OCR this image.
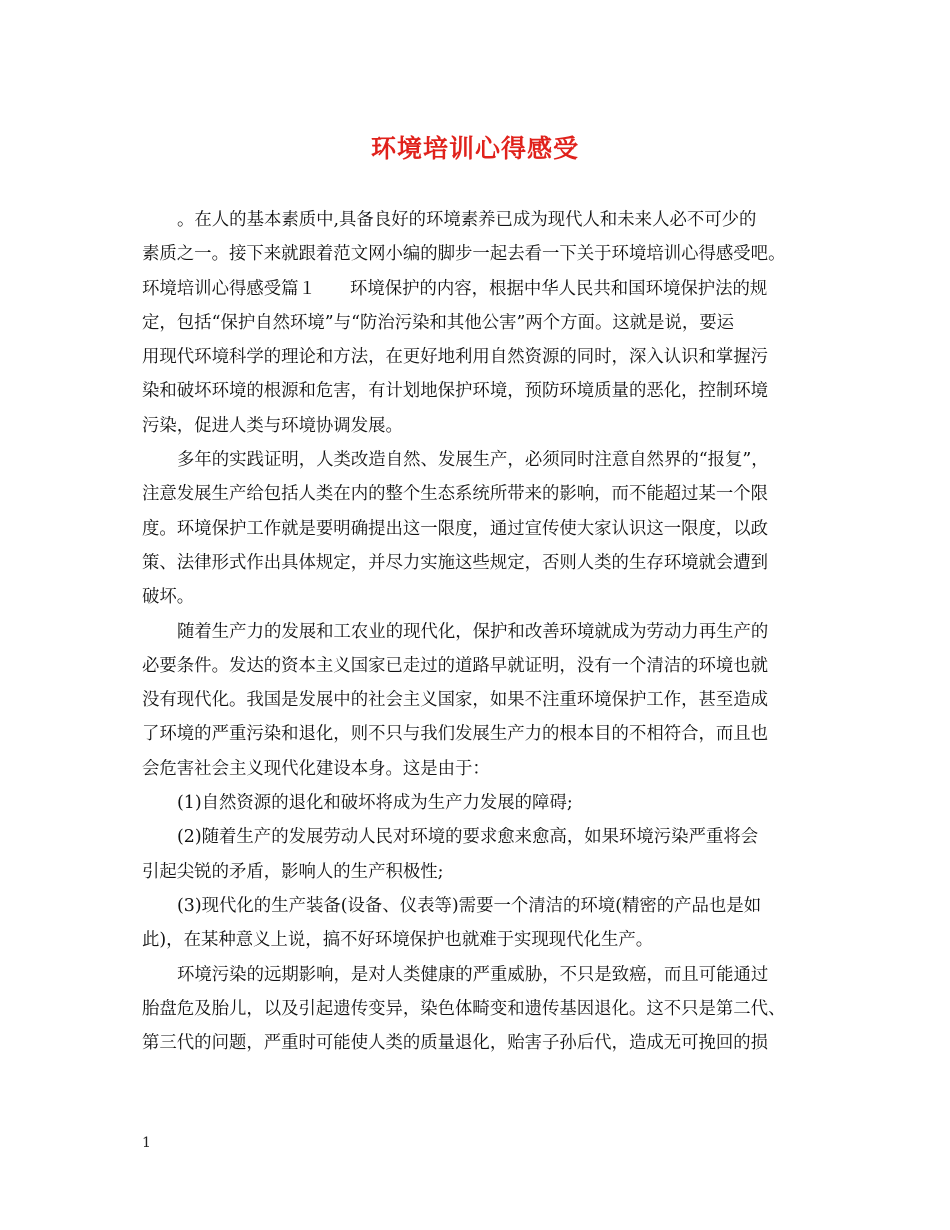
环境培训心得感受
。在人的基本素质中,具备良好的环境素养已成为现代人和未来人必不可少的
素质之一。接下来就跟着范文网小编的脚步一起去看一下关于环境培训心得感受吧。
环境培训心得感受篇１ 环境保护的内容，根据中华人民共和国环境保护法的规
定，包括“保护自然环境”与“防治污染和其他公害”两个方面。这就是说，要运
用现代环境科学的理论和方法，在更好地利用自然资源的同时，深入认识和掌握污
染和破坏环境的根源和危害，有计划地保护环境，预防环境质量的恶化，控制环境
污染，促进人类与环境协调发展。
多年的实践证明，人类改造自然、发展生产，必须同时注意自然界的“报复”，
注意发展生产给包括人类在内的整个生态系统所带来的影响，而不能超过某一个限
度。环境保护工作就是要明确提出这一限度，通过宣传使大家认识这一限度，以政
策、法律形式作出具体规定，并尽力实施这些规定，否则人类的生存环境就会遭到
破坏。
随着生产力的发展和工农业的现代化，保护和改善环境就成为劳动力再生产的
必要条件。发达的资本主义国家已走过的道路早就证明，没有一个清洁的环境也就
没有现代化。我国是发展中的社会主义国家，如果不注重环境保护工作，甚至造成
了环境的严重污染和退化，则不只与我们发展生产力的根本目的不相符合，而且也
会危害社会主义现代化建设本身。这是由于：
(1)自然资源的退化和破坏将成为生产力发展的障碍;
(2)随着生产的发展劳动人民对环境的要求愈来愈高，如果环境污染严重将会
引起尖锐的矛盾，影响人的生产积极性;
(3)现代化的生产装备(设备、仪表等)需要一个清洁的环境(精密的产品也是如
此)，在某种意义上说，搞不好环境保护也就难于实现现代化生产。
环境污染的远期影响，是对人类健康的严重威胁，不只是致癌，而且可能通过
胎盘危及胎儿，以及引起遗传变异，染色体畸变和遗传基因退化。这不只是第二代、
第三代的问题，严重时可能使人类的质量退化，贻害子孙后代，造成无可挽回的损
1
